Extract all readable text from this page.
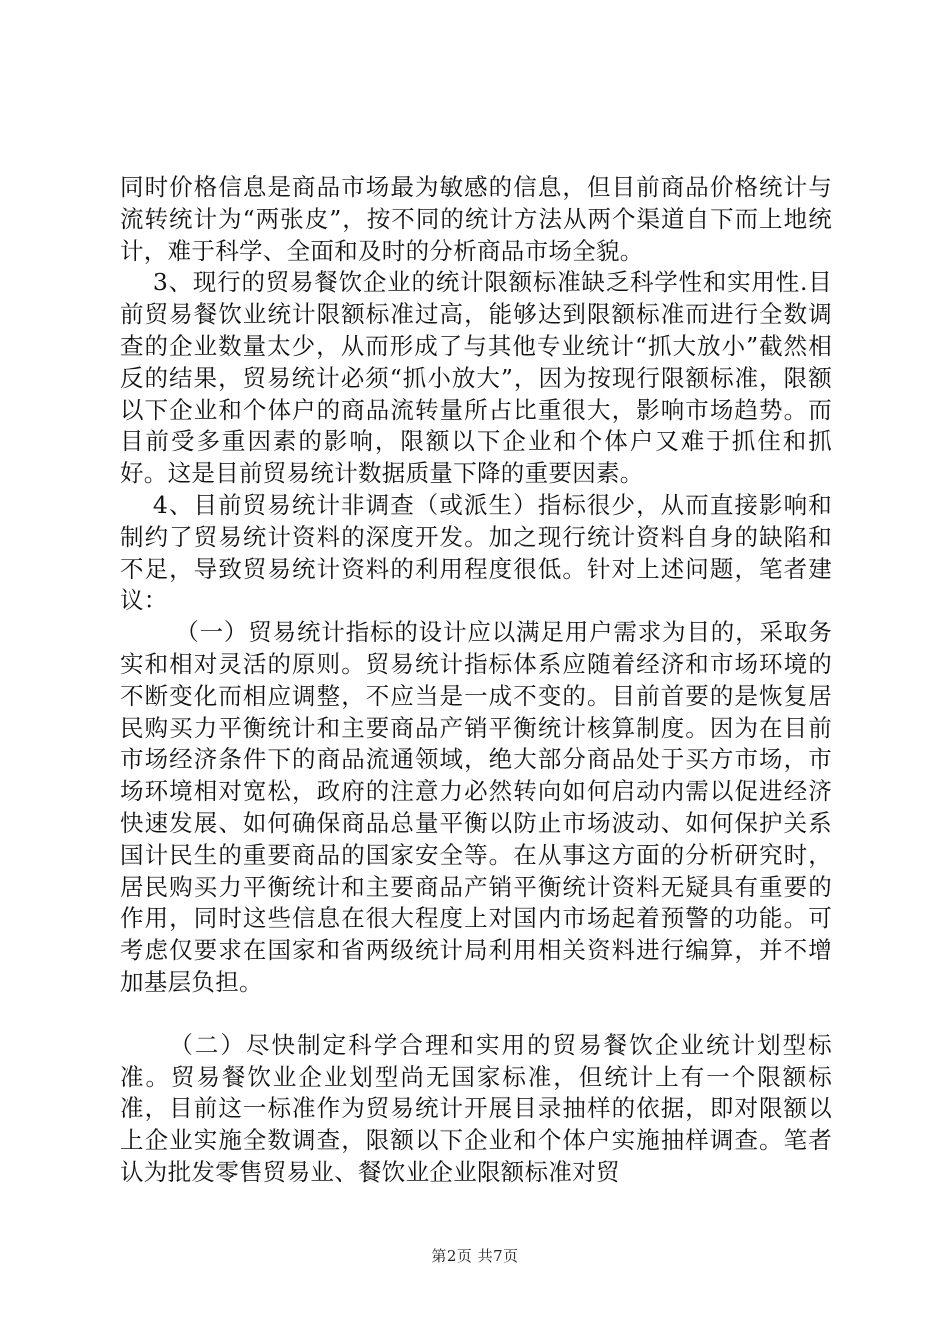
同时价格信息是商品市场最为敏感的信息，但目前商品价格统计与流转统计为“两张皮”，按不同的统计方法从两个渠道自下而上地统计，难于科学、全面和及时的分析商品市场全貌。

3、现行的贸易餐饮企业的统计限额标准缺乏科学性和实用性.目前贸易餐饮业统计限额标准过高，能够达到限额标准而进行全数调查的企业数量太少，从而形成了与其他专业统计“抓大放小”截然相反的结果，贸易统计必须“抓小放大”，因为按现行限额标准，限额以下企业和个体户的商品流转量所占比重很大，影响市场趋势。而目前受多重因素的影响，限额以下企业和个体户又难于抓住和抓好。这是目前贸易统计数据质量下降的重要因素。

4、目前贸易统计非调查（或派生）指标很少，从而直接影响和制约了贸易统计资料的深度开发。加之现行统计资料自身的缺陷和不足，导致贸易统计资料的利用程度很低。针对上述问题，笔者建议：

（一）贸易统计指标的设计应以满足用户需求为目的，采取务实和相对灵活的原则。贸易统计指标体系应随着经济和市场环境的不断变化而相应调整，不应当是一成不变的。目前首要的是恢复居民购买力平衡统计和主要商品产销平衡统计核算制度。因为在目前市场经济条件下的商品流通领域，绝大部分商品处于买方市场，市场环境相对宽松，政府的注意力必然转向如何启动内需以促进经济快速发展、如何确保商品总量平衡以防止市场波动、如何保护关系国计民生的重要商品的国家安全等。在从事这方面的分析研究时，居民购买力平衡统计和主要商品产销平衡统计资料无疑具有重要的作用，同时这些信息在很大程度上对国内市场起着预警的功能。可考虑仅要求在国家和省两级统计局利用相关资料进行编算，并不增加基层负担。

（二）尽快制定科学合理和实用的贸易餐饮企业统计划型标准。贸易餐饮业企业划型尚无国家标准，但统计上有一个限额标准，目前这一标准作为贸易统计开展目录抽样的依据，即对限额以上企业实施全数调查，限额以下企业和个体户实施抽样调查。笔者认为批发零售贸易业、餐饮业企业限额标准对贸

第2页 共7页
